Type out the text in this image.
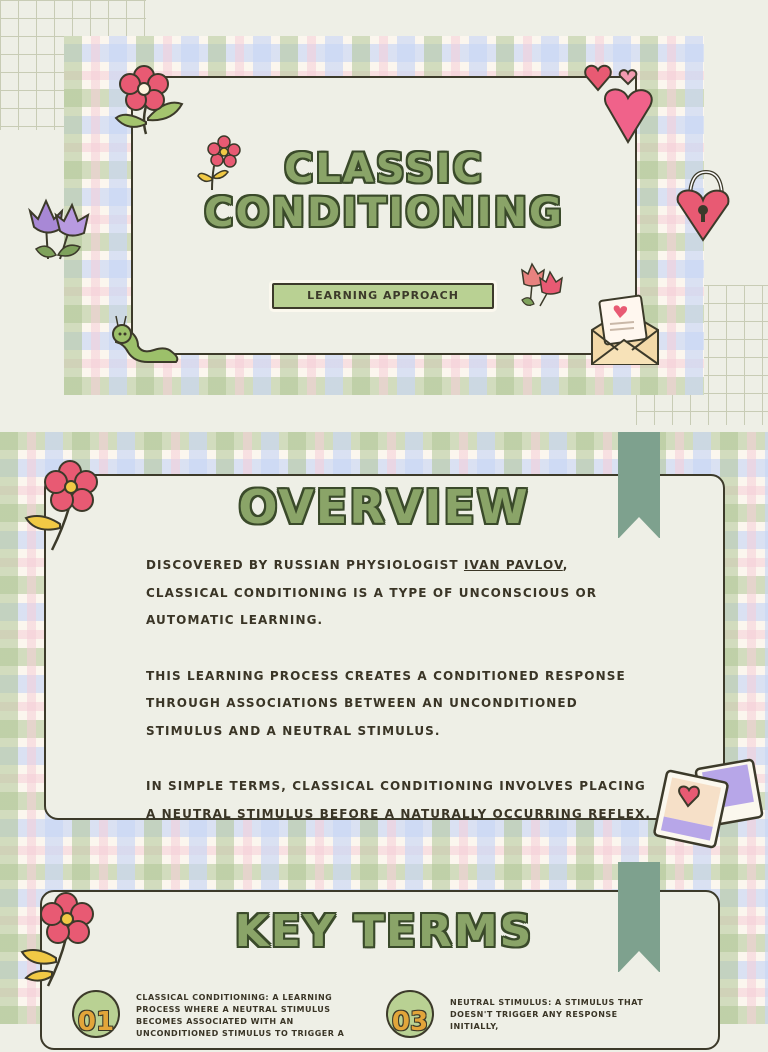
CLASSIC
CONDITIONING
LEARNING APPROACH
OVERVIEW

DISCOVERED BY RUSSIAN PHYSIOLOGIST IVAN PAVLOV, CLASSICAL CONDITIONING IS A TYPE OF UNCONSCIOUS OR AUTOMATIC LEARNING.

THIS LEARNING PROCESS CREATES A CONDITIONED RESPONSE THROUGH ASSOCIATIONS BETWEEN AN UNCONDITIONED STIMULUS AND A NEUTRAL STIMULUS.

IN SIMPLE TERMS, CLASSICAL CONDITIONING INVOLVES PLACING A NEUTRAL STIMULUS BEFORE A NATURALLY OCCURRING REFLEX.

KEY TERMS
01
CLASSICAL CONDITIONING: A LEARNING PROCESS WHERE A NEUTRAL STIMULUS BECOMES ASSOCIATED WITH AN UNCONDITIONED STIMULUS TO TRIGGER A	03
NEUTRAL STIMULUS: A STIMULUS THAT DOESN'T TRIGGER ANY RESPONSE INITIALLY,
